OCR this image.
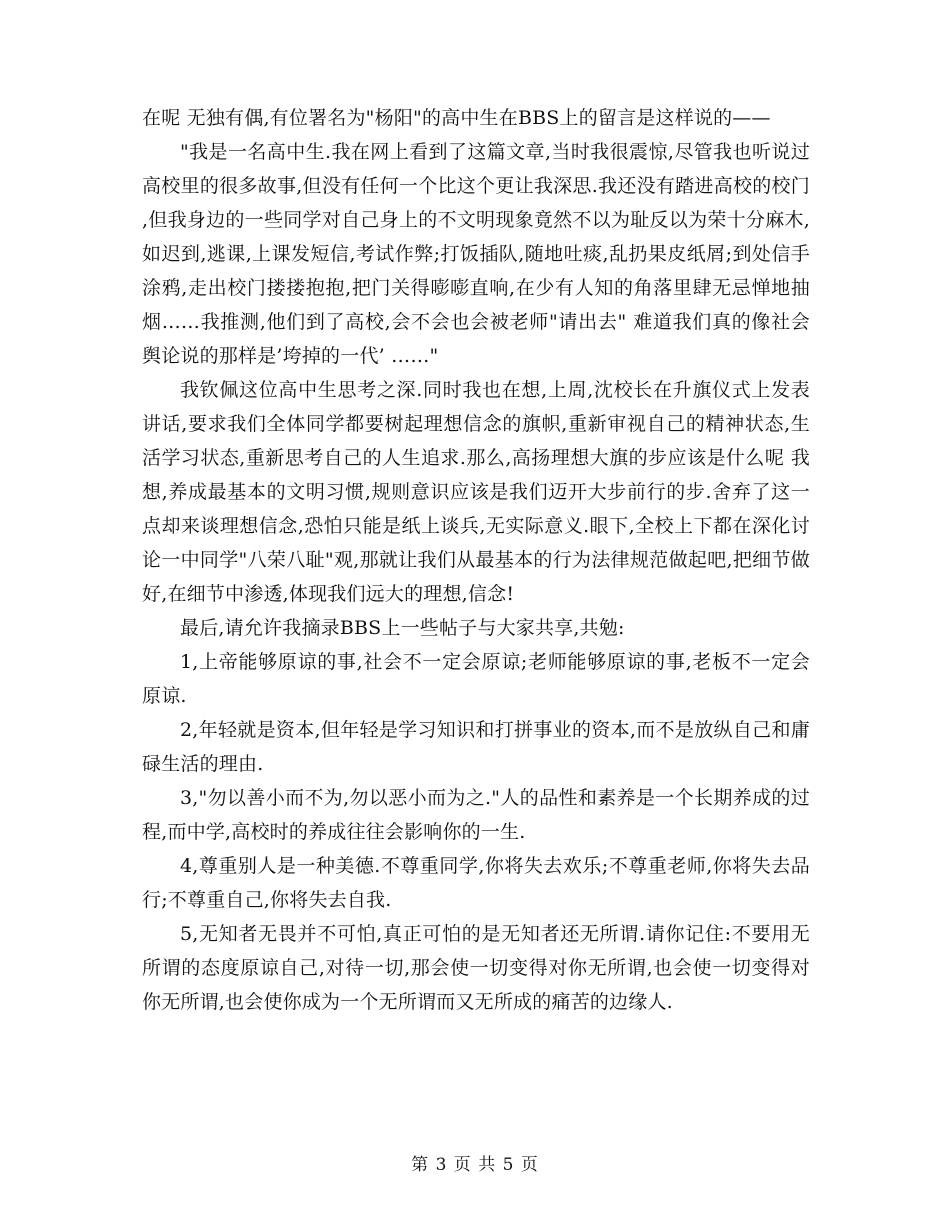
在呢 无独有偶,有位署名为"杨阳"的高中生在BBS上的留言是这样说的——

"我是一名高中生.我在网上看到了这篇文章,当时我很震惊,尽管我也听说过高校里的很多故事,但没有任何一个比这个更让我深思.我还没有踏进高校的校门,但我身边的一些同学对自己身上的不文明现象竟然不以为耻反以为荣十分麻木,如迟到,逃课,上课发短信,考试作弊;打饭插队,随地吐痰,乱扔果皮纸屑;到处信手涂鸦,走出校门搂搂抱抱,把门关得嘭嘭直响,在少有人知的角落里肆无忌惮地抽烟……我推测,他们到了高校,会不会也会被老师"请出去" 难道我们真的像社会舆论说的那样是’垮掉的一代’ ……"

我钦佩这位高中生思考之深.同时我也在想,上周,沈校长在升旗仪式上发表讲话,要求我们全体同学都要树起理想信念的旗帜,重新审视自己的精神状态,生活学习状态,重新思考自己的人生追求.那么,高扬理想大旗的步应该是什么呢 我想,养成最基本的文明习惯,规则意识应该是我们迈开大步前行的步.舍弃了这一点却来谈理想信念,恐怕只能是纸上谈兵,无实际意义.眼下,全校上下都在深化讨论一中同学"八荣八耻"观,那就让我们从最基本的行为法律规范做起吧,把细节做好,在细节中渗透,体现我们远大的理想,信念!

最后,请允许我摘录BBS上一些帖子与大家共享,共勉:

1,上帝能够原谅的事,社会不一定会原谅;老师能够原谅的事,老板不一定会原谅.

2,年轻就是资本,但年轻是学习知识和打拼事业的资本,而不是放纵自己和庸碌生活的理由.

3,"勿以善小而不为,勿以恶小而为之."人的品性和素养是一个长期养成的过程,而中学,高校时的养成往往会影响你的一生.

4,尊重别人是一种美德.不尊重同学,你将失去欢乐;不尊重老师,你将失去品行;不尊重自己,你将失去自我.

5,无知者无畏并不可怕,真正可怕的是无知者还无所谓.请你记住:不要用无所谓的态度原谅自己,对待一切,那会使一切变得对你无所谓,也会使一切变得对你无所谓,也会使你成为一个无所谓而又无所成的痛苦的边缘人.

第 3 页 共 5 页
